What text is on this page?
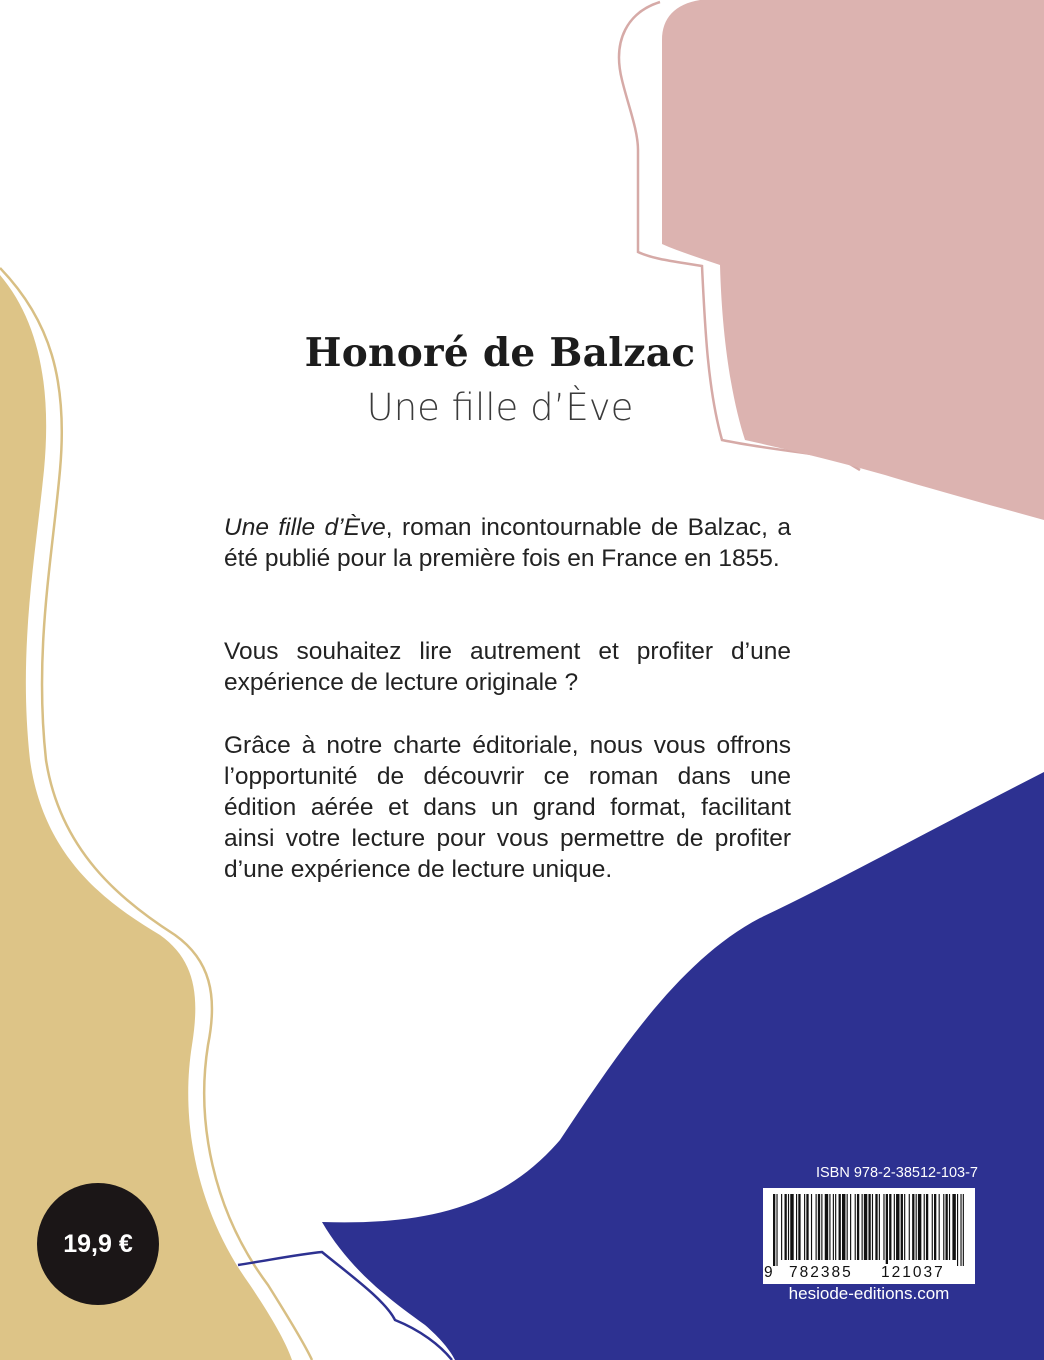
Honoré de Balzac
Une fille d’Ève

Une fille d’Ève, roman incontournable de Balzac, a été publié pour la première fois en France en 1855.

Vous souhaitez lire autrement et profiter d’une expérience de lecture originale ?

Grâce à notre charte éditoriale, nous vous offrons l’opportunité de découvrir ce roman dans une édition aérée et dans un grand format, facilitant ainsi votre lecture pour vous permettre de profiter d’une expérience de lecture unique.

19,9 €
ISBN 978-2-38512-103-7
9 782385 121037
hesiode-editions.com
